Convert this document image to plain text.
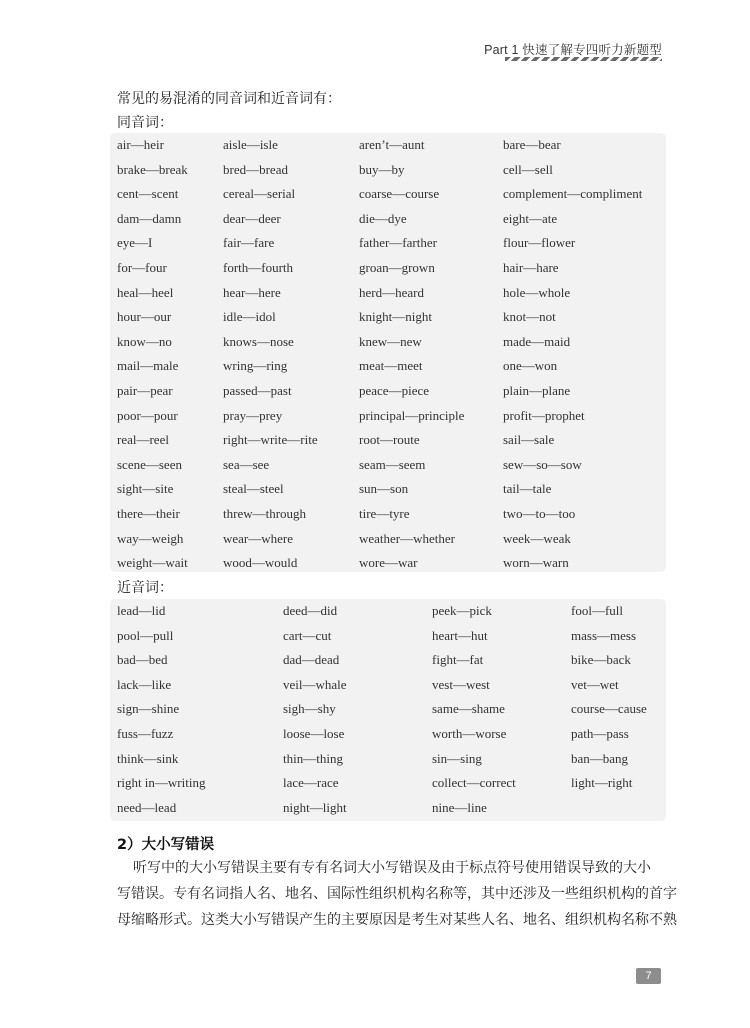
Part 1 快速了解专四听力新题型
常见的易混淆的同音词和近音词有：
同音词：
air—heir	aisle—isle	aren’t—aunt	bare—bear
brake—break	bred—bread	buy—by	cell—sell
cent—scent	cereal—serial	coarse—course	complement—compliment
dam—damn	dear—deer	die—dye	eight—ate
eye—I	fair—fare	father—farther	flour—flower
for—four	forth—fourth	groan—grown	hair—hare
heal—heel	hear—here	herd—heard	hole—whole
hour—our	idle—idol	knight—night	knot—not
know—no	knows—nose	knew—new	made—maid
mail—male	wring—ring	meat—meet	one—won
pair—pear	passed—past	peace—piece	plain—plane
poor—pour	pray—prey	principal—principle	profit—prophet
real—reel	right—write—rite	root—route	sail—sale
scene—seen	sea—see	seam—seem	sew—so—sow
sight—site	steal—steel	sun—son	tail—tale
there—their	threw—through	tire—tyre	two—to—too
way—weigh	wear—where	weather—whether	week—weak
weight—wait	wood—would	wore—war	worn—warn
近音词：
lead—lid	deed—did	peek—pick	fool—full
pool—pull	cart—cut	heart—hut	mass—mess
bad—bed	dad—dead	fight—fat	bike—back
lack—like	veil—whale	vest—west	vet—wet
sign—shine	sigh—shy	same—shame	course—cause
fuss—fuzz	loose—lose	worth—worse	path—pass
think—sink	thin—thing	sin—sing	ban—bang
right in—writing	lace—race	collect—correct	light—right
need—lead	night—light	nine—line
2）大小写错误
听写中的大小写错误主要有专有名词大小写错误及由于标点符号使用错误导致的大小
写错误。专有名词指人名、地名、国际性组织机构名称等，其中还涉及一些组织机构的首字
母缩略形式。这类大小写错误产生的主要原因是考生对某些人名、地名、组织机构名称不熟
7
